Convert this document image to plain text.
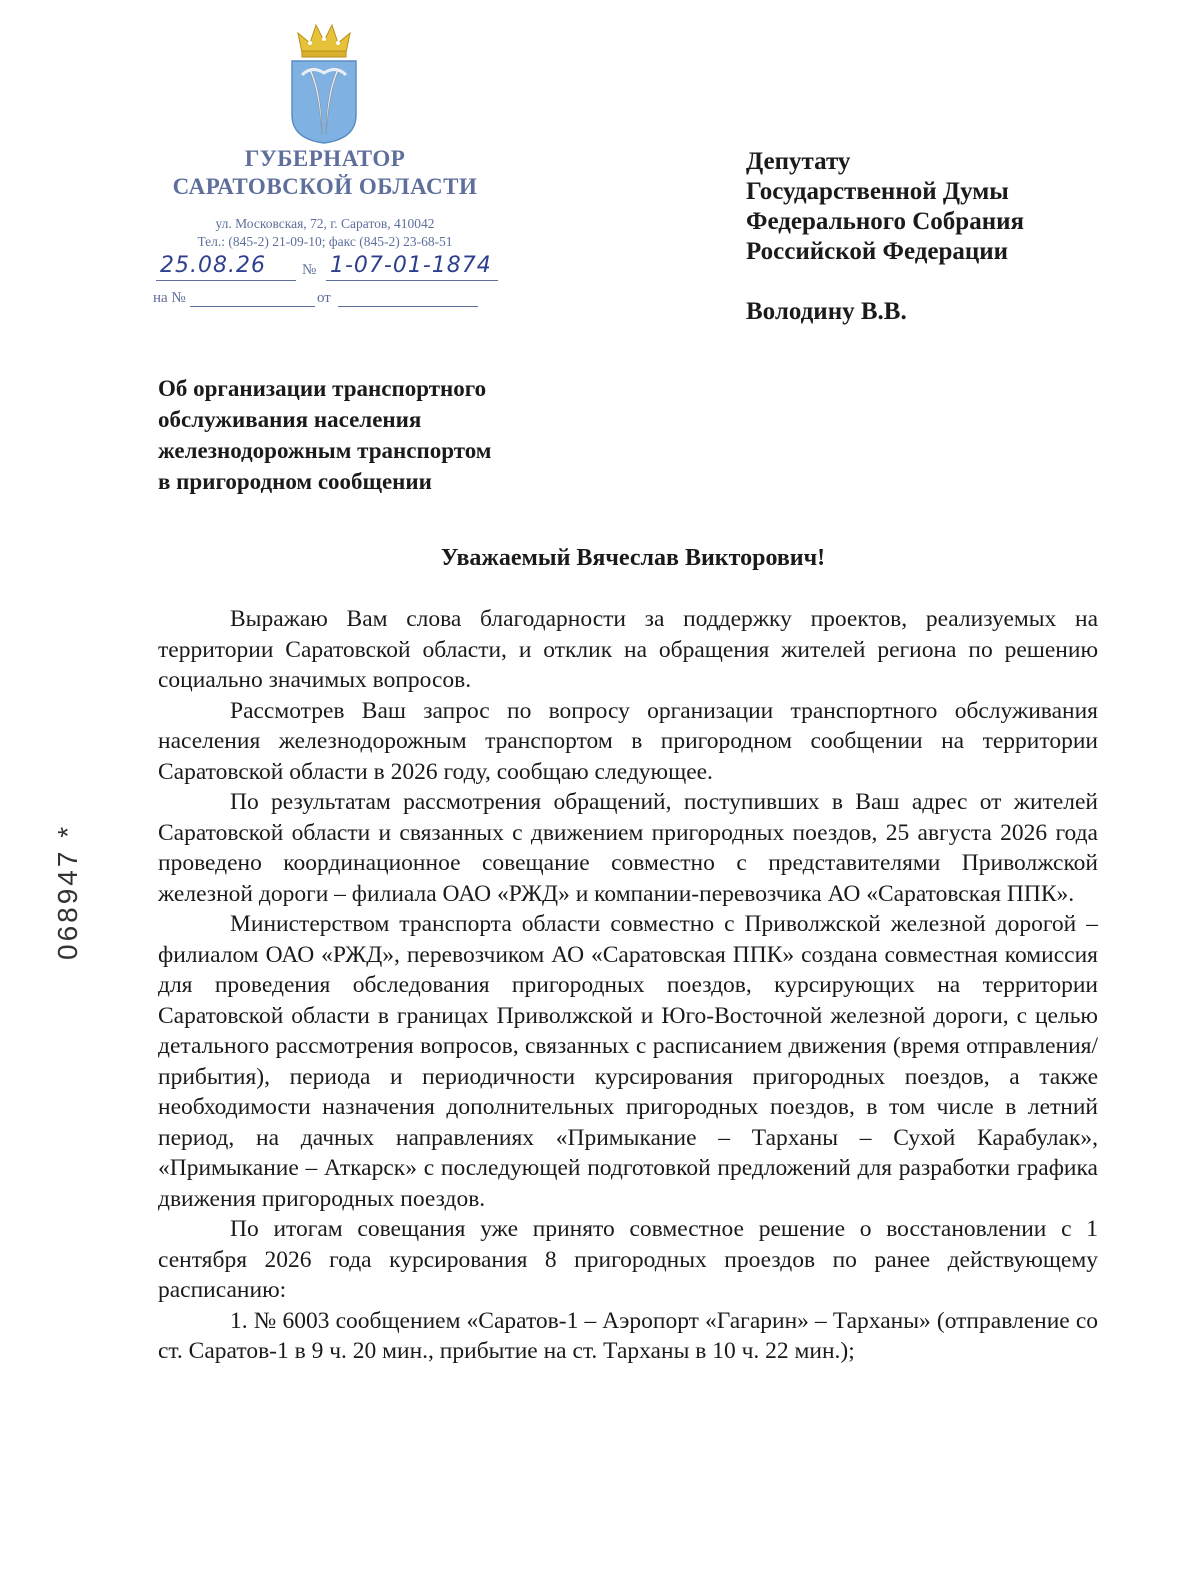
ГУБЕРНАТОР
САРАТОВСКОЙ ОБЛАСТИ
ул. Московская, 72, г. Саратов, 410042
Тел.: (845-2) 21-09-10; факс (845-2) 23-68-51
25.08.26 № 1-07-01-1874
на №	от
Депутату
Государственной Думы
Федерального Собрания
Российской Федерации
Володину В.В.
Об организации транспортного
обслуживания населения
железнодорожным транспортом
в пригородном сообщении
Уважаемый Вячеслав Викторович!

Выражаю Вам слова благодарности за поддержку проектов, реализуемых на территории Саратовской области, и отклик на обращения жителей региона по решению социально значимых вопросов.

Рассмотрев Ваш запрос по вопросу организации транспортного обслуживания населения железнодорожным транспортом в пригородном сообщении на территории Саратовской области в 2026 году, сообщаю следующее.

По результатам рассмотрения обращений, поступивших в Ваш адрес от жителей Саратовской области и связанных с движением пригородных поездов, 25 августа 2026 года проведено координационное совещание совместно с представителями Приволжской железной дороги – филиала ОАО «РЖД» и компании-перевозчика АО «Саратовская ППК».

Министерством транспорта области совместно с Приволжской железной дорогой – филиалом ОАО «РЖД», перевозчиком АО «Саратовская ППК» создана совместная комиссия для проведения обследования пригородных поездов, курсирующих на территории Саратовской области в границах Приволжской и Юго-Восточной железной дороги, с целью детального рассмотрения вопросов, связанных с расписанием движения (время отправления/прибытия), периода и периодичности курсирования пригородных поездов, а также необходимости назначения дополнительных пригородных поездов, в том числе в летний период, на дачных направлениях «Примыкание – Тарханы – Сухой Карабулак», «Примыкание – Аткарск» с последующей подготовкой предложений для разработки графика движения пригородных поездов.

По итогам совещания уже принято совместное решение о восстановлении с 1 сентября 2026 года курсирования 8 пригородных проездов по ранее действующему расписанию:

1. № 6003 сообщением «Саратов-1 – Аэропорт «Гагарин» – Тарханы» (отправление со ст. Саратов-1 в 9 ч. 20 мин., прибытие на ст. Тарханы в 10 ч. 22 мин.);

068947 *
